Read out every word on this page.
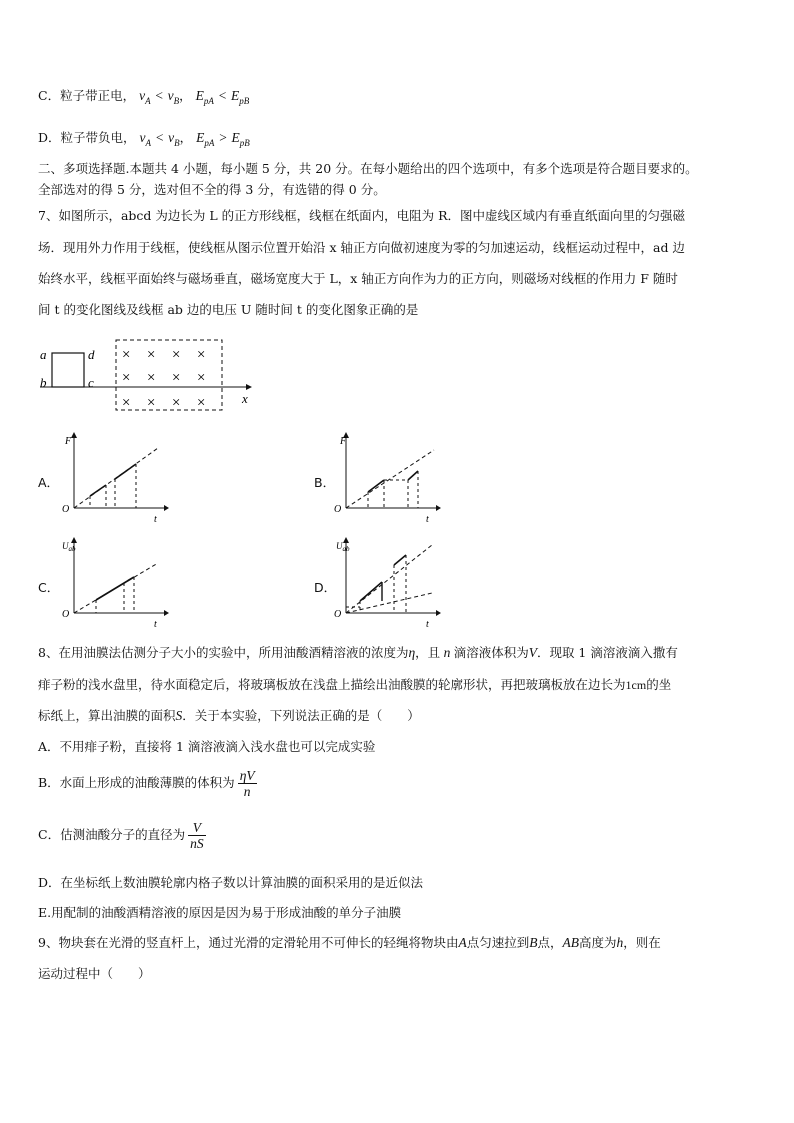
C．粒子带正电， $v_A < v_B$， $E_{pA} < E_{pB}$
D．粒子带负电， $v_A < v_B$， $E_{pA} > E_{pB}$
二、多项选择题.本题共 4 小题，每小题 5 分，共 20 分。在每小题给出的四个选项中，有多个选项是符合题目要求的。
全部选对的得 5 分，选对但不全的得 3 分，有选错的得 0 分。
7、如图所示，abcd 为边长为 L 的正方形线框，线框在纸面内，电阻为 R．图中虚线区域内有垂直纸面向里的匀强磁
场．现用外力作用于线框，使线框从图示位置开始沿 x 轴正方向做初速度为零的匀加速运动，线框运动过程中，ad 边
始终水平，线框平面始终与磁场垂直，磁场宽度大于 L，x 轴正方向作为力的正方向，则磁场对线框的作用力 F 随时
间 t 的变化图线及线框 ab 边的电压 U 随时间 t 的变化图象正确的是
a
b
d
c
x
× × × ×
× × × ×
× × × ×
A．
F
O
t
B．
F
O
t
C．
$U_{ab}$
O
t
D．
$U_{ab}$
O
t
8、在用油膜法估测分子大小的实验中，所用油酸酒精溶液的浓度为η，且 n 滴溶液体积为V．现取 1 滴溶液滴入撒有
痱子粉的浅水盘里，待水面稳定后，将玻璃板放在浅盘上描绘出油酸膜的轮廓形状，再把玻璃板放在边长为1cm的坐
标纸上，算出油膜的面积S．关于本实验，下列说法正确的是（　　）
A．不用痱子粉，直接将 1 滴溶液滴入浅水盘也可以完成实验
B．水面上形成的油酸薄膜的体积为 $\frac{\eta V}{n}$
C．估测油酸分子的直径为 $\frac{V}{nS}$
D．在坐标纸上数油膜轮廓内格子数以计算油膜的面积采用的是近似法
E.用配制的油酸酒精溶液的原因是因为易于形成油酸的单分子油膜
9、物块套在光滑的竖直杆上，通过光滑的定滑轮用不可伸长的轻绳将物块由A点匀速拉到B点，AB高度为h，则在
运动过程中（　　）
